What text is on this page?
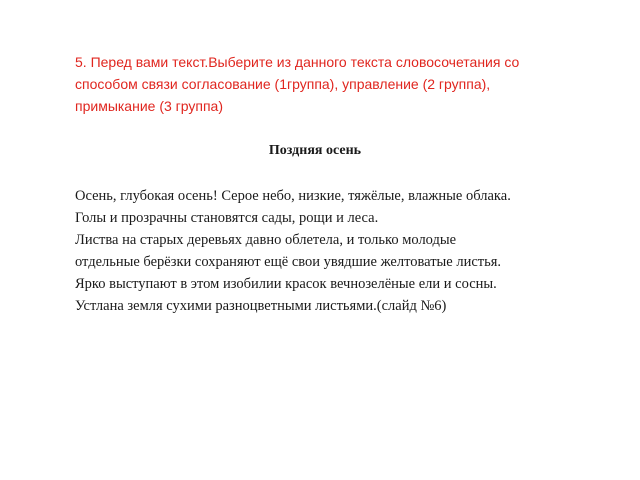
5. Перед вами текст.Выберите из данного текста словосочетания со
способом связи согласование (1группа), управление (2 группа),
примыкание (3 группа)

Поздняя осень

Осень, глубокая осень! Серое небо, низкие, тяжёлые, влажные облака.
Голы и прозрачны становятся сады, рощи и леса.
Листва на старых деревьях давно облетела, и только молодые
отдельные берёзки сохраняют ещё свои увядшие желтоватые листья.
Ярко выступают в этом изобилии красок вечнозелёные ели и сосны.
Устлана земля сухими разноцветными листьями.(слайд №6)
